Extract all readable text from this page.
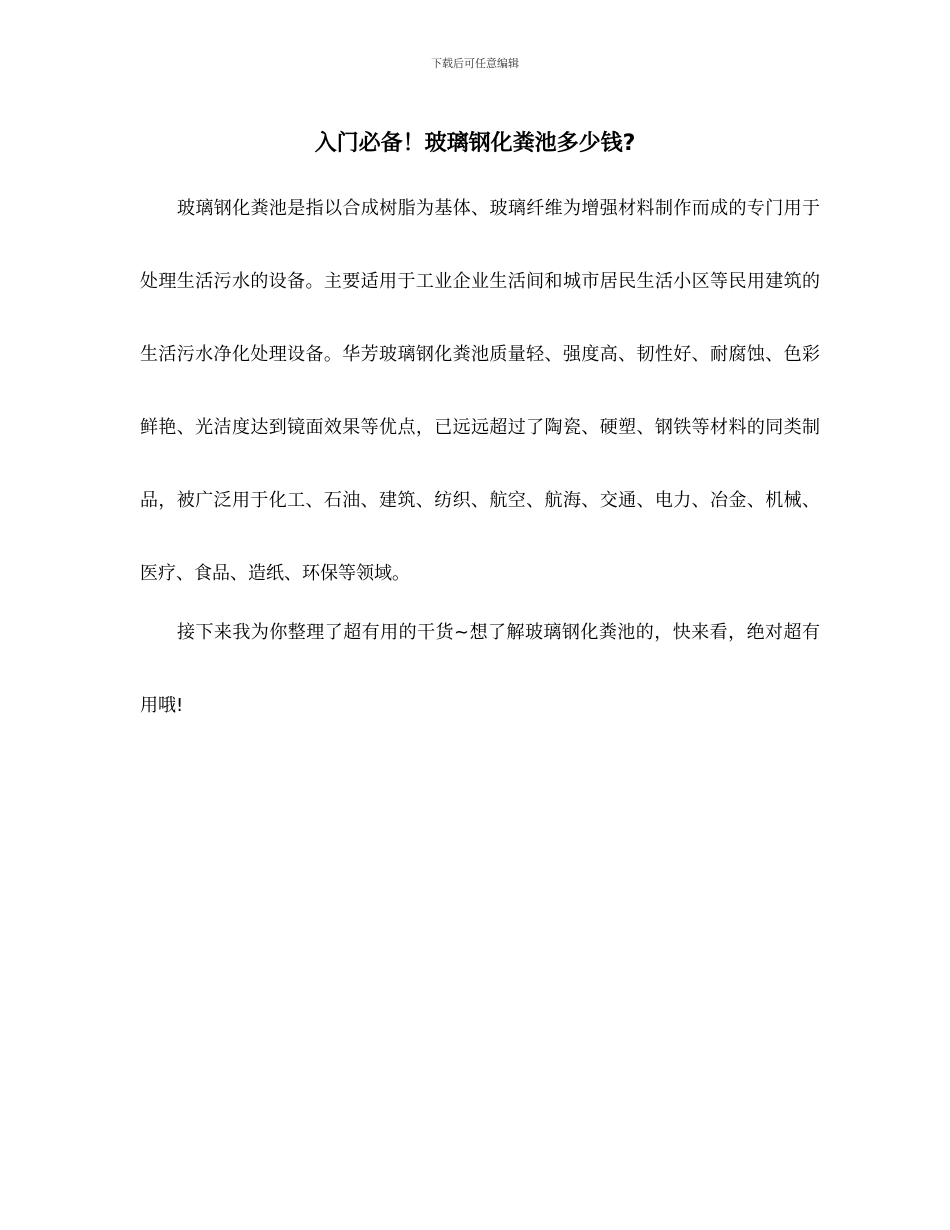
下载后可任意编辑
入门必备！玻璃钢化粪池多少钱?

玻璃钢化粪池是指以合成树脂为基体、玻璃纤维为增强材料制作而成的专门用于处理生活污水的设备。主要适用于工业企业生活间和城市居民生活小区等民用建筑的生活污水净化处理设备。华芳玻璃钢化粪池质量轻、强度高、韧性好、耐腐蚀、色彩鲜艳、光洁度达到镜面效果等优点，已远远超过了陶瓷、硬塑、钢铁等材料的同类制品，被广泛用于化工、石油、建筑、纺织、航空、航海、交通、电力、冶金、机械、医疗、食品、造纸、环保等领域。

接下来我为你整理了超有用的干货~想了解玻璃钢化粪池的，快来看，绝对超有用哦!
